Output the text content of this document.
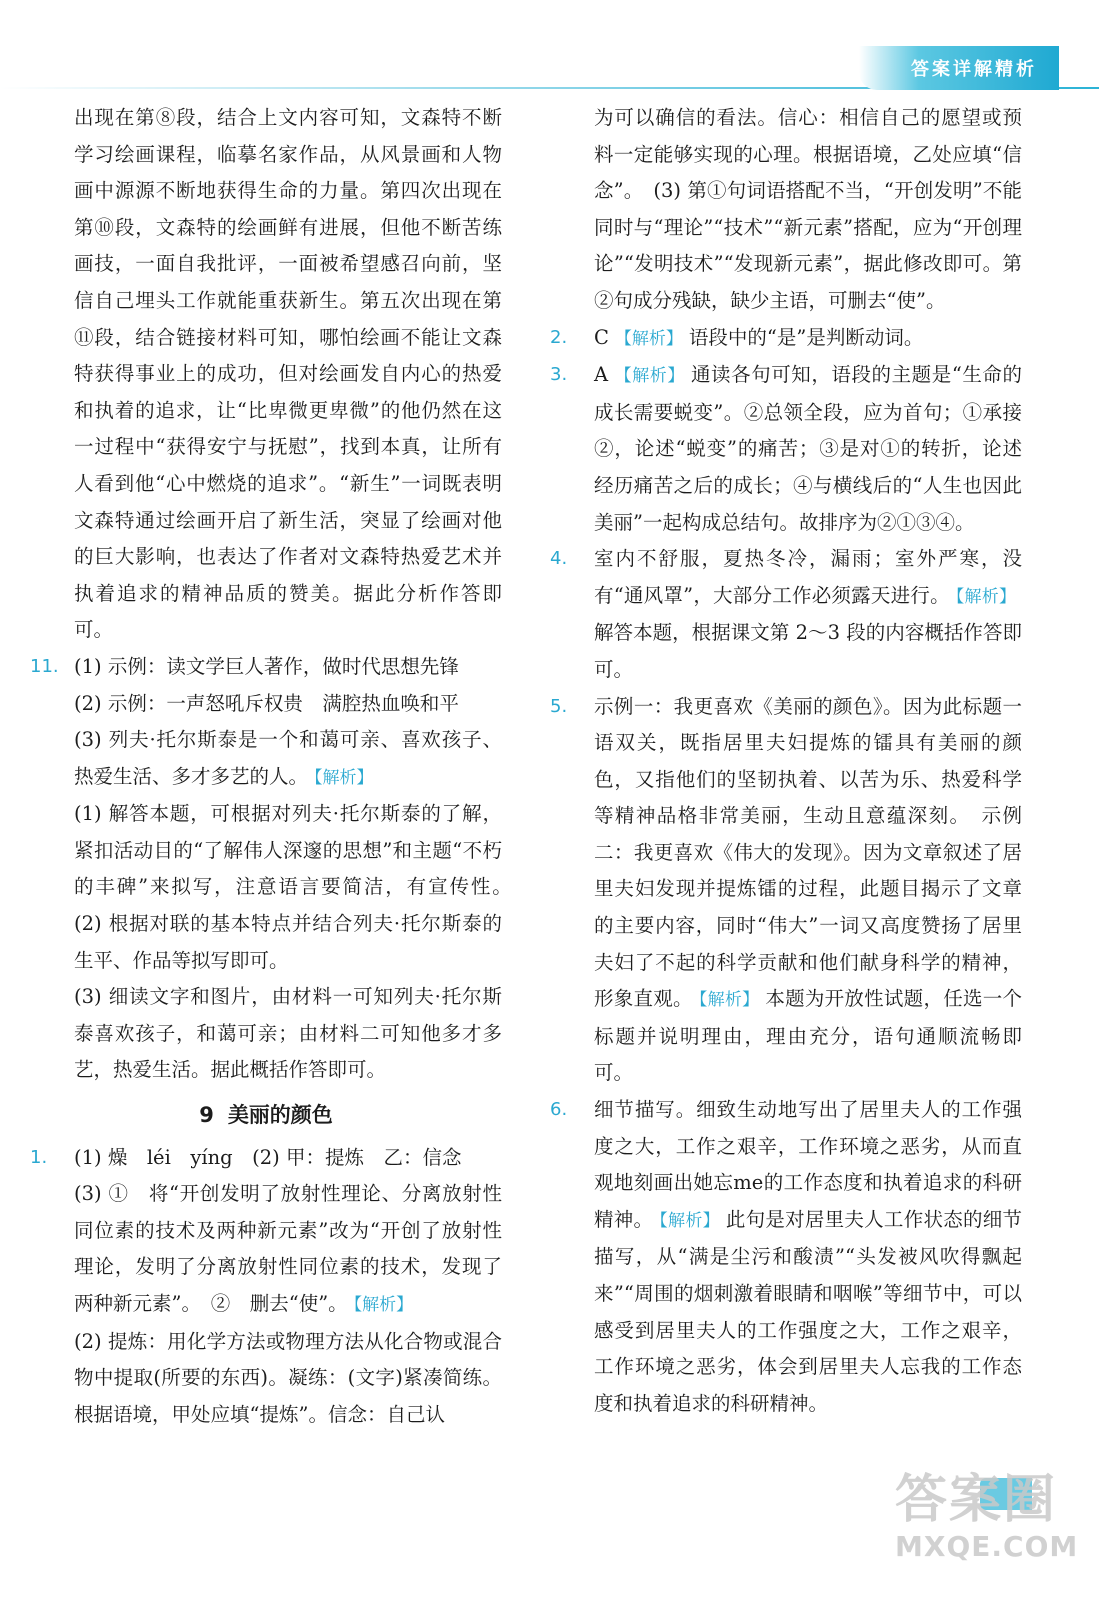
答案详解精析

出现在第⑧段，结合上文内容可知，文森特不断学习绘画课程，临摹名家作品，从风景画和人物画中源源不断地获得生命的力量。第四次出现在第⑩段，文森特的绘画鲜有进展，但他不断苦练画技，一面自我批评，一面被希望感召向前，坚信自己埋头工作就能重获新生。第五次出现在第⑪段，结合链接材料可知，哪怕绘画不能让文森特获得事业上的成功，但对绘画发自内心的热爱和执着的追求，让“比卑微更卑微”的他仍然在这一过程中“获得安宁与抚慰”，找到本真，让所有人看到他“心中燃烧的追求”。“新生”一词既表明文森特通过绘画开启了新生活，突显了绘画对他的巨大影响，也表达了作者对文森特热爱艺术并执着追求的精神品质的赞美。据此分析作答即可。

11. (1) 示例：读文学巨人著作，做时代思想先锋

(2) 示例：一声怒吼斥权贵　满腔热血唤和平

(3) 列夫·托尔斯泰是一个和蔼可亲、喜欢孩子、热爱生活、多才多艺的人。 【解析】

(1) 解答本题，可根据对列夫·托尔斯泰的了解，紧扣活动目的“了解伟人深邃的思想”和主题“不朽的丰碑”来拟写，注意语言要简洁，有宣传性。　(2) 根据对联的基本特点并结合列夫·托尔斯泰的生平、作品等拟写即可。

(3) 细读文字和图片，由材料一可知列夫·托尔斯泰喜欢孩子，和蔼可亲；由材料二可知他多才多艺，热爱生活。据此概括作答即可。

9 美丽的颜色
1. (1) 燥　léi　yíng　(2) 甲：提炼　乙：信念

(3) ①　将“开创发明了放射性理论、分离放射性同位素的技术及两种新元素”改为“开创了放射性理论，发明了分离放射性同位素的技术，发现了两种新元素”。　②　删去“使”。 【解析】

(2) 提炼：用化学方法或物理方法从化合物或混合物中提取(所要的东西)。凝练：(文字)紧凑简练。根据语境，甲处应填“提炼”。信念：自己认

为可以确信的看法。信心：相信自己的愿望或预料一定能够实现的心理。根据语境，乙处应填“信念”。　(3) 第①句词语搭配不当，“开创发明”不能同时与“理论”“技术”“新元素”搭配，应为“开创理论”“发明技术”“发现新元素”，据此修改即可。第②句成分残缺，缺少主语，可删去“使”。

2. C 【解析】 语段中的“是”是判断动词。
3. A 【解析】 通读各句可知，语段的主题是“生命的成长需要蜕变”。②总领全段，应为首句；①承接②，论述“蜕变”的痛苦；③是对①的转折，论述经历痛苦之后的成长；④与横线后的“人生也因此美丽”一起构成总结句。故排序为②①③④。
4. 室内不舒服，夏热冬冷，漏雨；室外严寒，没有“通风罩”，大部分工作必须露天进行。 【解析】解答本题，根据课文第 2～3 段的内容概括作答即可。
5. 示例一：我更喜欢《美丽的颜色》。因为此标题一语双关，既指居里夫妇提炼的镭具有美丽的颜色，又指他们的坚韧执着、以苦为乐、热爱科学等精神品格非常美丽，生动且意蕴深刻。　示例二：我更喜欢《伟大的发现》。因为文章叙述了居里夫妇发现并提炼镭的过程，此题目揭示了文章的主要内容，同时“伟大”一词又高度赞扬了居里夫妇了不起的科学贡献和他们献身科学的精神，形象直观。 【解析】 本题为开放性试题，任选一个标题并说明理由，理由充分，语句通顺流畅即可。
6. 细节描写。细致生动地写出了居里夫人的工作强度之大，工作之艰辛，工作环境之恶劣，从而直观地刻画出她忘me的工作态度和执着追求的科研精神。 【解析】 此句是对居里夫人工作状态的细节描写，从“满是尘污和酸渍”“头发被风吹得飘起来”“周围的烟刺激着眼睛和咽喉”等细节中，可以感受到居里夫人的工作强度之大，工作之艰辛，工作环境之恶劣，体会到居里夫人忘我的工作态度和执着追求的科研精神。
答案圈
MXQE.COM
